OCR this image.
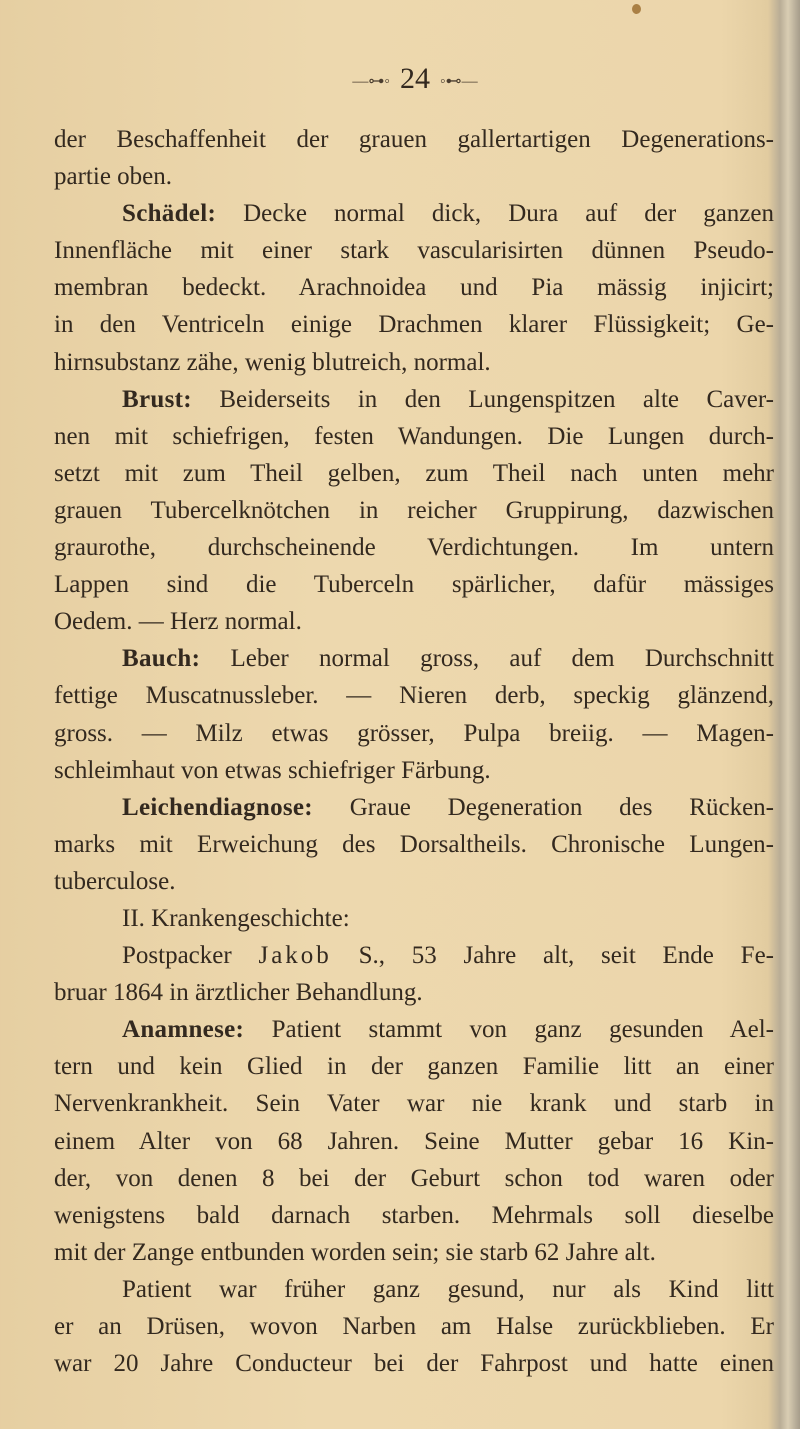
—⊶◦ 24 ◦⊷—
der Beschaffenheit der grauen gallertartigen Degenerations-
partie oben.
Schädel: Decke normal dick, Dura auf der ganzen
Innenfläche mit einer stark vascularisirten dünnen Pseudo-
membran bedeckt. Arachnoidea und Pia mässig injicirt;
in den Ventriceln einige Drachmen klarer Flüssigkeit; Ge-
hirnsubstanz zähe, wenig blutreich, normal.
Brust: Beiderseits in den Lungenspitzen alte Caver-
nen mit schiefrigen, festen Wandungen. Die Lungen durch-
setzt mit zum Theil gelben, zum Theil nach unten mehr
grauen Tubercelknötchen in reicher Gruppirung, dazwischen
graurothe, durchscheinende Verdichtungen. Im untern
Lappen sind die Tuberceln spärlicher, dafür mässiges
Oedem. — Herz normal.
Bauch: Leber normal gross, auf dem Durchschnitt
fettige Muscatnussleber. — Nieren derb, speckig glänzend,
gross. — Milz etwas grösser, Pulpa breiig. — Magen-
schleimhaut von etwas schiefriger Färbung.
Leichendiagnose: Graue Degeneration des Rücken-
marks mit Erweichung des Dorsaltheils. Chronische Lungen-
tuberculose.
II. Krankengeschichte:
Postpacker Jakob S., 53 Jahre alt, seit Ende Fe-
bruar 1864 in ärztlicher Behandlung.
Anamnese: Patient stammt von ganz gesunden Ael-
tern und kein Glied in der ganzen Familie litt an einer
Nervenkrankheit. Sein Vater war nie krank und starb in
einem Alter von 68 Jahren. Seine Mutter gebar 16 Kin-
der, von denen 8 bei der Geburt schon tod waren oder
wenigstens bald darnach starben. Mehrmals soll dieselbe
mit der Zange entbunden worden sein; sie starb 62 Jahre alt.
Patient war früher ganz gesund, nur als Kind litt
er an Drüsen, wovon Narben am Halse zurückblieben. Er
war 20 Jahre Conducteur bei der Fahrpost und hatte einen
